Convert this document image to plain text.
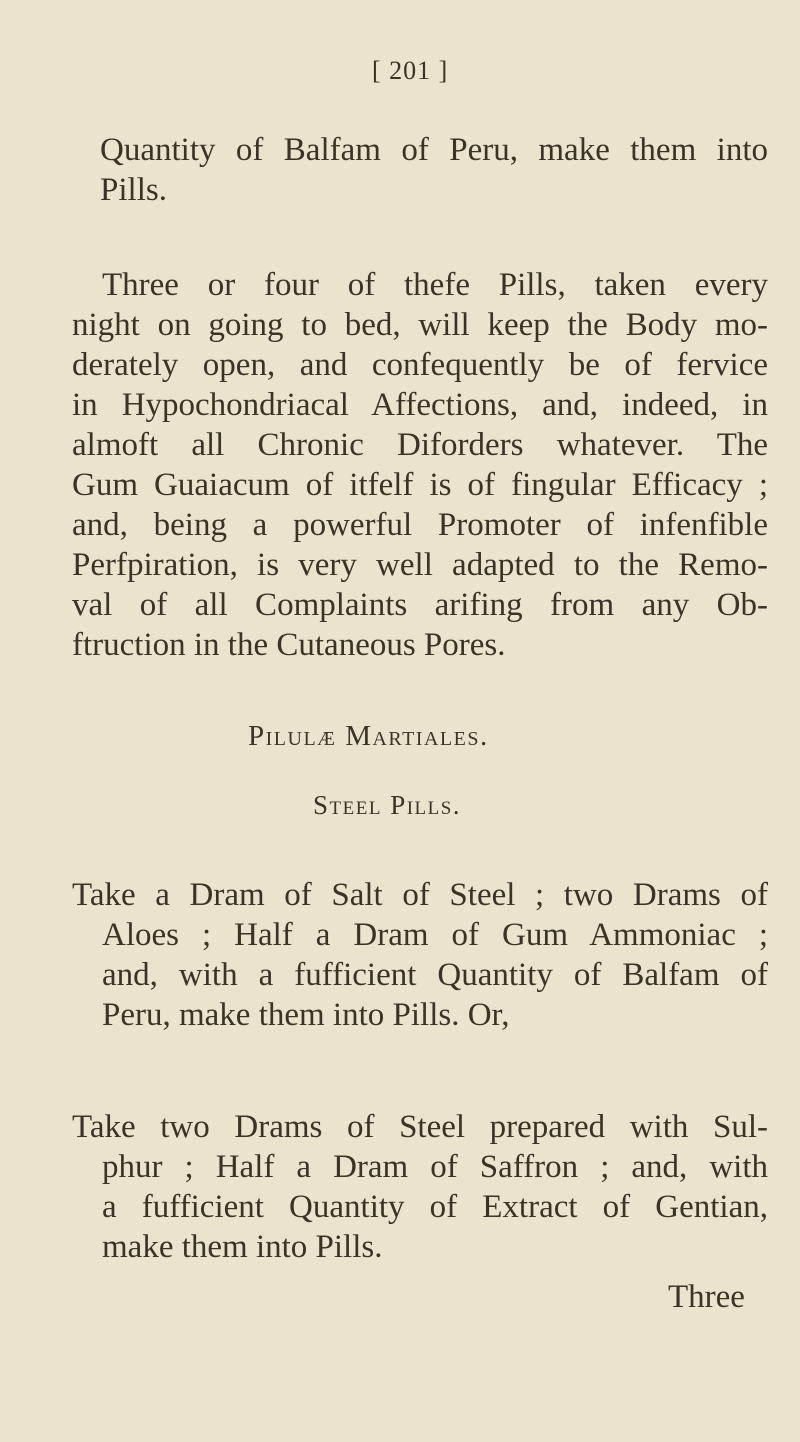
[ 201 ]

Quantity of Balfam of Peru, make them into

Pills.

Three or four of thefe Pills, taken every

night on going to bed, will keep the Body mo-

derately open, and confequently be of fervice

in Hypochondriacal Affections, and, indeed, in

almoft all Chronic Diforders whatever. The

Gum Guaiacum of itfelf is of fingular Efficacy ;

and, being a powerful Promoter of infenfible

Perfpiration, is very well adapted to the Remo-

val of all Complaints arifing from any Ob-

ftruction in the Cutaneous Pores.

Pilulæ Martiales.

Steel Pills.

Take a Dram of Salt of Steel ; two Drams of

Aloes ; Half a Dram of Gum Ammoniac ;

and, with a fufficient Quantity of Balfam of

Peru, make them into Pills. Or,

Take two Drams of Steel prepared with Sul-

phur ; Half a Dram of Saffron ; and, with

a fufficient Quantity of Extract of Gentian,

make them into Pills.

Three
